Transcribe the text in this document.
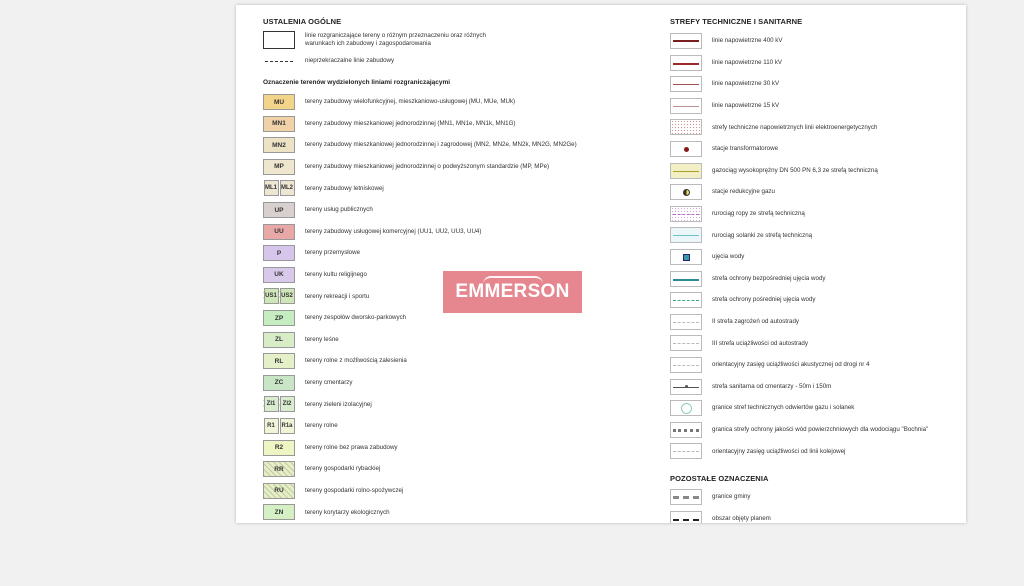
USTALENIA OGÓLNE
linie rozgraniczające tereny o różnym przeznaczeniu oraz różnych warunkach ich zabudowy i zagospodarowania
nieprzekraczalne linie zabudowy
Oznaczenie terenów wydzielonych liniami rozgraniczającymi
MU	tereny zabudowy wielofunkcyjnej, mieszkaniowo-usługowej (MU, MUe, MUk)
MN1	tereny zabudowy mieszkaniowej jednorodzinnej (MN1, MN1e, MN1k, MN1G)
MN2	tereny zabudowy mieszkaniowej jednorodzinnej i zagrodowej (MN2, MN2e, MN2k, MN2G, MN2Ge)
MP	tereny zabudowy mieszkaniowej jednorodzinnej o podwyższonym standardzie (MP, MPe)
ML1 ML2 tereny zabudowy letniskowej
UP	tereny usług publicznych
UU	tereny zabudowy usługowej komercyjnej (UU1, UU2, UU3, UU4)
P	tereny przemysłowe
UK	tereny kultu religijnego
US1 US2 tereny rekreacji i sportu
ZP	tereny zespołów dworsko-parkowych
ZL	tereny leśne
RL	tereny rolne z możliwością zalesienia
ZC	tereny cmentarzy
ZI1	ZI2	tereny zieleni izolacyjnej
R1	R1a	tereny rolne
R2	tereny rolne bez prawa zabudowy
RR	tereny gospodarki rybackiej
RU	tereny gospodarki rolno-spożywczej
ZN	tereny korytarzy ekologicznych
STREFY TECHNICZNE I SANITARNE
linie napowietrzne 400 kV
linie napowietrzne 110 kV
linie napowietrzne 30 kV
linie napowietrzne 15 kV
strefy techniczne napowietrznych linii elektroenergetycznych
stacje transformatorowe
gazociąg wysokoprężny DN 500 PN 6,3 ze strefą techniczną
stacje redukcyjne gazu
rurociąg ropy ze strefą techniczną
rurociąg solanki ze strefą techniczną
ujęcia wody
strefa ochrony bezpośredniej ujęcia wody
strefa ochrony pośredniej ujęcia wody
II strefa zagrożeń od autostrady
III strefa uciążliwości od autostrady
orientacyjny zasięg uciążliwości akustycznej od drogi nr 4
strefa sanitarna od cmentarzy - 50m i 150m
granice stref technicznych odwiertów gazu i solanek
granica strefy ochrony jakości wód powierzchniowych dla wodociągu "Bochnia"
orientacyjny zasięg uciążliwości od linii kolejowej
POZOSTAŁE OZNACZENIA
granice gminy
obszar objęty planem
EMMERSON
